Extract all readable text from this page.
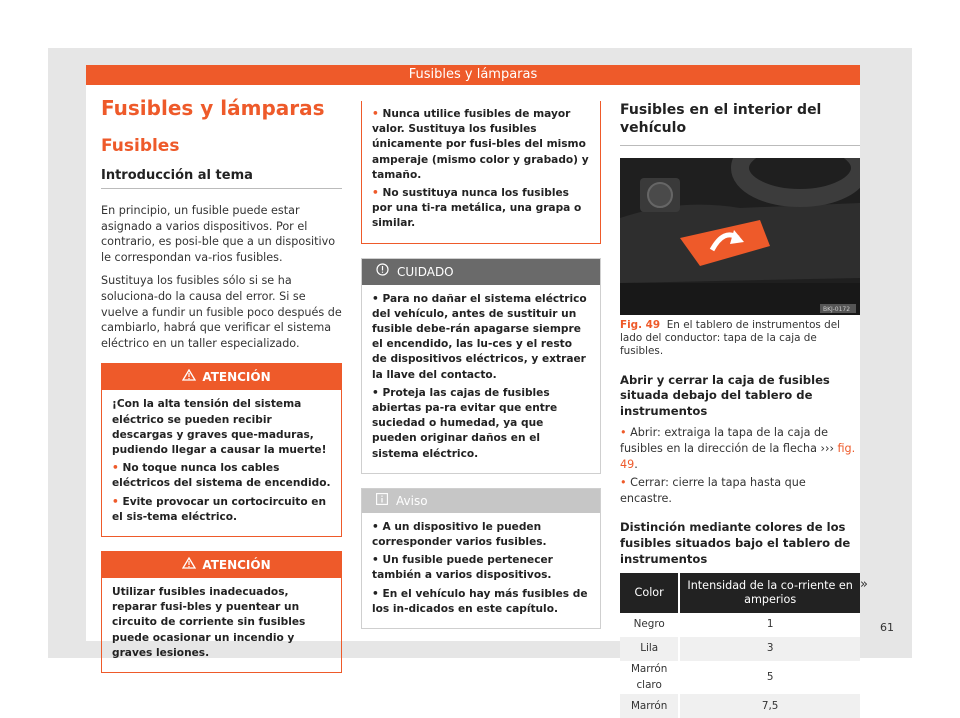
Fusibles y lámparas
Fusibles y lámparas
Fusibles
Introducción al tema

En principio, un fusible puede estar asignado a varios dispositivos. Por el contrario, es posi-ble que a un dispositivo le correspondan va-rios fusibles.

Sustituya los fusibles sólo si se ha soluciona-do la causa del error. Si se vuelve a fundir un fusible poco después de cambiarlo, habrá que verificar el sistema eléctrico en un taller especializado.

ATENCIÓN

¡Con la alta tensión del sistema eléctrico se pueden recibir descargas y graves que-maduras, pudiendo llegar a causar la muerte!

• No toque nunca los cables eléctricos del sistema de encendido.

• Evite provocar un cortocircuito en el sis-tema eléctrico.

ATENCIÓN

Utilizar fusibles inadecuados, reparar fusi-bles y puentear un circuito de corriente sin fusibles puede ocasionar un incendio y graves lesiones.

• Nunca utilice fusibles de mayor valor. Sustituya los fusibles únicamente por fusi-bles del mismo amperaje (mismo color y grabado) y tamaño.

• No sustituya nunca los fusibles por una ti-ra metálica, una grapa o similar.

CUIDADO

• Para no dañar el sistema eléctrico del vehículo, antes de sustituir un fusible debe-rán apagarse siempre el encendido, las lu-ces y el resto de dispositivos eléctricos, y extraer la llave del contacto.

• Proteja las cajas de fusibles abiertas pa-ra evitar que entre suciedad o humedad, ya que pueden originar daños en el sistema eléctrico.

Aviso

• A un dispositivo le pueden corresponder varios fusibles.

• Un fusible puede pertenecer también a varios dispositivos.

• En el vehículo hay más fusibles de los in-dicados en este capítulo.

Fusibles en el interior del vehículo
BKJ-0172
Fig. 49 En el tablero de instrumentos del lado del conductor: tapa de la caja de fusibles.
Abrir y cerrar la caja de fusibles situada debajo del tablero de instrumentos

• Abrir: extraiga la tapa de la caja de fusibles en la dirección de la flecha ››› fig. 49.

• Cerrar: cierre la tapa hasta que encastre.

Distinción mediante colores de los fusibles situados bajo el tablero de instrumentos
Color	Intensidad de la co-rriente en amperios
Negro	1
Lila	3
Marrón claro	5
Marrón	7,5
»
61
